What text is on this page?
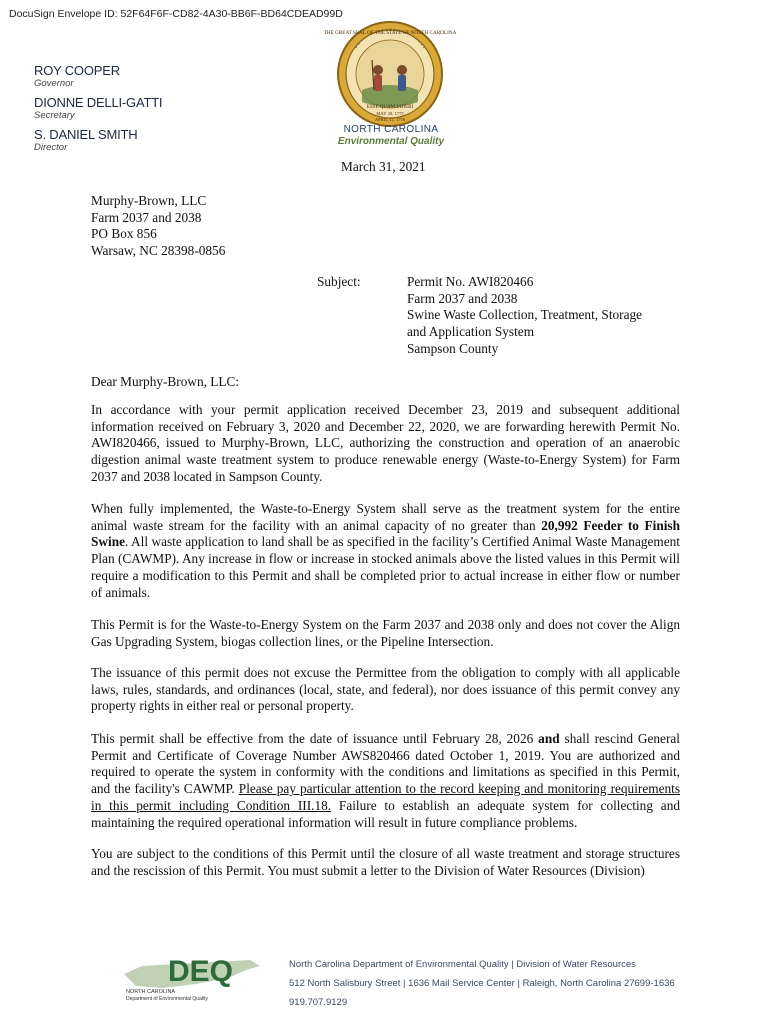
DocuSign Envelope ID: 52F64F6F-CD82-4A30-BB6F-BD64CDEAD99D
ROY COOPER
Governor
DIONNE DELLI-GATTI
Secretary
S. DANIEL SMITH
Director
THE GREAT SEAL OF THE STATE OF NORTH CAROLINA
ESSE QUAM VIDERI
MAY 20, 1775
APRIL 12, 1776
NORTH CAROLINA
Environmental Quality
March 31, 2021
Murphy-Brown, LLC
Farm 2037 and 2038
PO Box 856
Warsaw, NC 28398-0856
Subject:	Permit No. AWI820466
Farm 2037 and 2038
Swine Waste Collection, Treatment, Storage
and Application System
Sampson County
Dear Murphy-Brown, LLC:
In accordance with your permit application received December 23, 2019 and subsequent additional information received on February 3, 2020 and December 22, 2020, we are forwarding herewith Permit No. AWI820466, issued to Murphy-Brown, LLC, authorizing the construction and operation of an anaerobic digestion animal waste treatment system to produce renewable energy (Waste-to-Energy System) for Farm 2037 and 2038 located in Sampson County.
When fully implemented, the Waste-to-Energy System shall serve as the treatment system for the entire animal waste stream for the facility with an animal capacity of no greater than 20,992 Feeder to Finish Swine. All waste application to land shall be as specified in the facility’s Certified Animal Waste Management Plan (CAWMP). Any increase in flow or increase in stocked animals above the listed values in this Permit will require a modification to this Permit and shall be completed prior to actual increase in either flow or number of animals.
This Permit is for the Waste-to-Energy System on the Farm 2037 and 2038 only and does not cover the Align Gas Upgrading System, biogas collection lines, or the Pipeline Intersection.
The issuance of this permit does not excuse the Permittee from the obligation to comply with all applicable laws, rules, standards, and ordinances (local, state, and federal), nor does issuance of this permit convey any property rights in either real or personal property.
This permit shall be effective from the date of issuance until February 28, 2026 and shall rescind General Permit and Certificate of Coverage Number AWS820466 dated October 1, 2019. You are authorized and required to operate the system in conformity with the conditions and limitations as specified in this Permit, and the facility's CAWMP. Please pay particular attention to the record keeping and monitoring requirements in this permit including Condition III.18. Failure to establish an adequate system for collecting and maintaining the required operational information will result in future compliance problems.
You are subject to the conditions of this Permit until the closure of all waste treatment and storage structures and the rescission of this Permit. You must submit a letter to the Division of Water Resources (Division)
DEQ
NORTH CAROLINA
Department of Environmental Quality
North Carolina Department of Environmental Quality | Division of Water Resources
512 North Salisbury Street | 1636 Mail Service Center | Raleigh, North Carolina 27699-1636
919.707.9129
